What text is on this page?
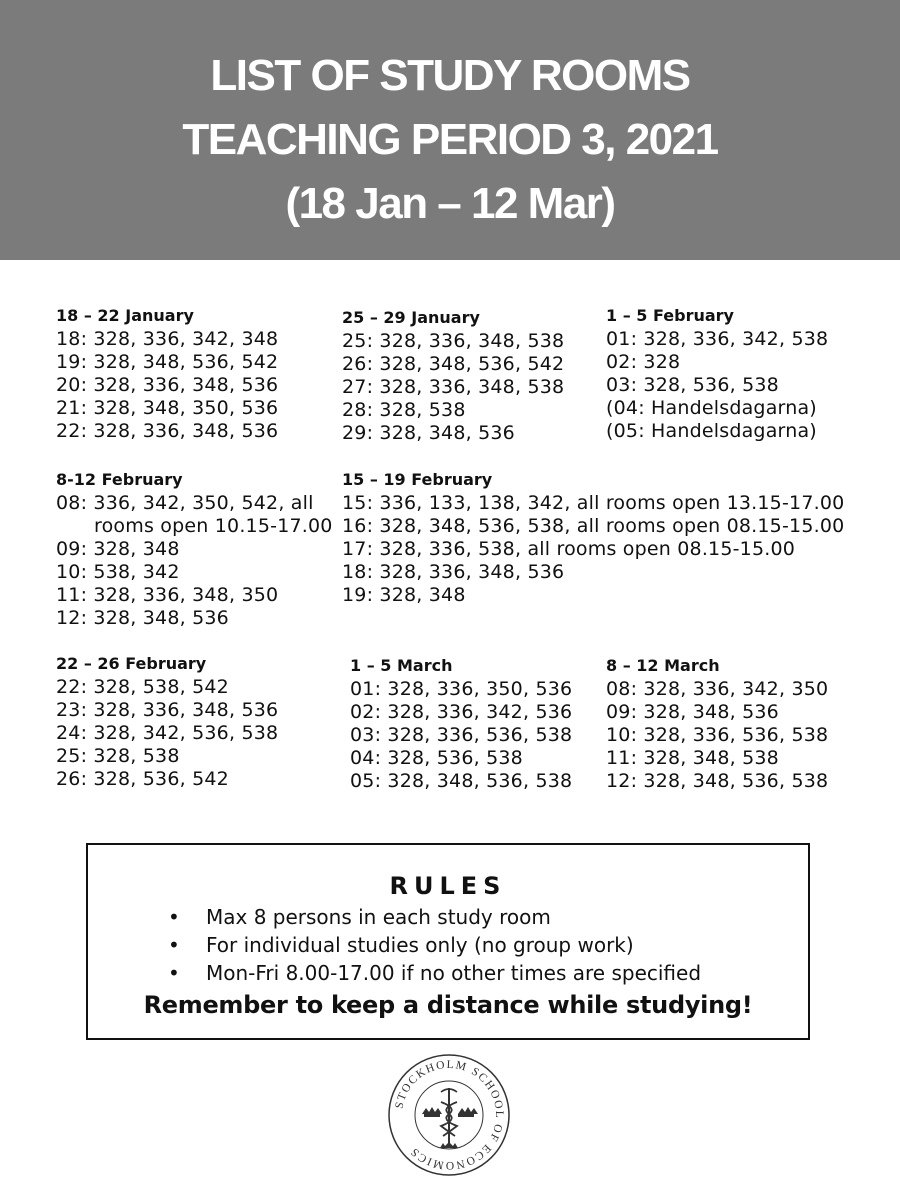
LIST OF STUDY ROOMS
TEACHING PERIOD 3, 2021
(18 Jan – 12 Mar)
18 – 22 January
18: 328, 336, 342, 348
19: 328, 348, 536, 542
20: 328, 336, 348, 536
21: 328, 348, 350, 536
22: 328, 336, 348, 536
25 – 29 January
25: 328, 336, 348, 538
26: 328, 348, 536, 542
27: 328, 336, 348, 538
28: 328, 538
29: 328, 348, 536
1 – 5 February
01: 328, 336, 342, 538
02: 328
03: 328, 536, 538
(04: Handelsdagarna)
(05: Handelsdagarna)
8-12 February
08: 336, 342, 350, 542, all
rooms open 10.15-17.00
09: 328, 348
10: 538, 342
11: 328, 336, 348, 350
12: 328, 348, 536
15 – 19 February
15: 336, 133, 138, 342, all rooms open 13.15-17.00
16: 328, 348, 536, 538, all rooms open 08.15-15.00
17: 328, 336, 538, all rooms open 08.15-15.00
18: 328, 336, 348, 536
19: 328, 348
22 – 26 February
22: 328, 538, 542
23: 328, 336, 348, 536
24: 328, 342, 536, 538
25: 328, 538
26: 328, 536, 542
1 – 5 March
01: 328, 336, 350, 536
02: 328, 336, 342, 536
03: 328, 336, 536, 538
04: 328, 536, 538
05: 328, 348, 536, 538
8 – 12 March
08: 328, 336, 342, 350
09: 328, 348, 536
10: 328, 336, 536, 538
11: 328, 348, 538
12: 328, 348, 536, 538
RULES
• Max 8 persons in each study room
• For individual studies only (no group work)
• Mon-Fri 8.00-17.00 if no other times are specified
Remember to keep a distance while studying!
STOCKHOLM SCHOOL OF ECONOMICS
